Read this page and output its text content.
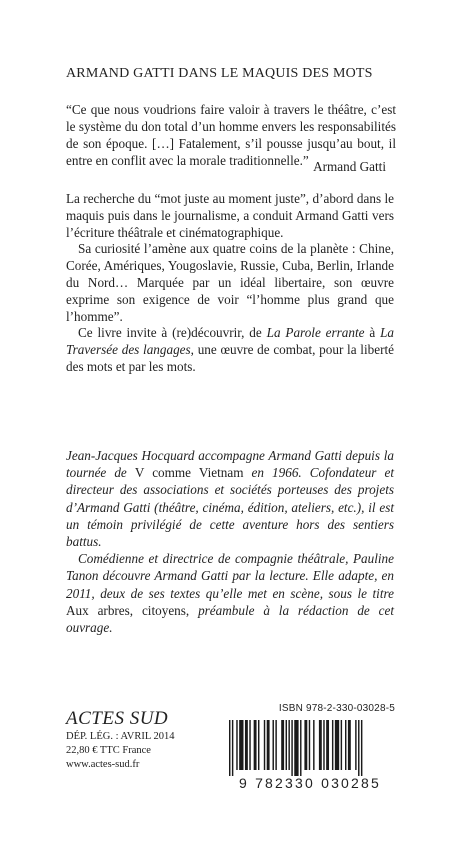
ARMAND GATTI DANS LE MAQUIS DES MOTS
“Ce que nous voudrions faire valoir à travers le théâtre, c’est le système du don total d’un homme envers les responsabilités de son époque. […] Fatalement, s’il pousse jusqu’au bout, il entre en conflit avec la morale traditionnelle.” Armand Gatti

La recherche du “mot juste au moment juste”, d’abord dans le maquis puis dans le journalisme, a conduit Armand Gatti vers l’écriture théâtrale et cinématographique.

Sa curiosité l’amène aux quatre coins de la planète : Chine, Corée, Amériques, Yougoslavie, Russie, Cuba, Berlin, Irlande du Nord… Marquée par un idéal libertaire, son œuvre exprime son exigence de voir “l’homme plus grand que l’homme”.

Ce livre invite à (re)découvrir, de La Parole errante à La Traversée des langages, une œuvre de combat, pour la liberté des mots et par les mots.

Jean-Jacques Hocquard accompagne Armand Gatti depuis la tournée de V comme Vietnam en 1966. Cofondateur et directeur des associations et sociétés porteuses des projets d’Armand Gatti (théâtre, cinéma, édition, ateliers, etc.), il est un témoin privilégié de cette aventure hors des sentiers battus.

Comédienne et directrice de compagnie théâtrale, Pauline Tanon découvre Armand Gatti par la lecture. Elle adapte, en 2011, deux de ses textes qu’elle met en scène, sous le titre Aux arbres, citoyens, préambule à la rédaction de cet ouvrage.

ACTES SUD
DÉP. LÉG. : AVRIL 2014
22,80 € TTC France
www.actes-sud.fr
ISBN 978-2-330-03028-5
9 782330 030285
